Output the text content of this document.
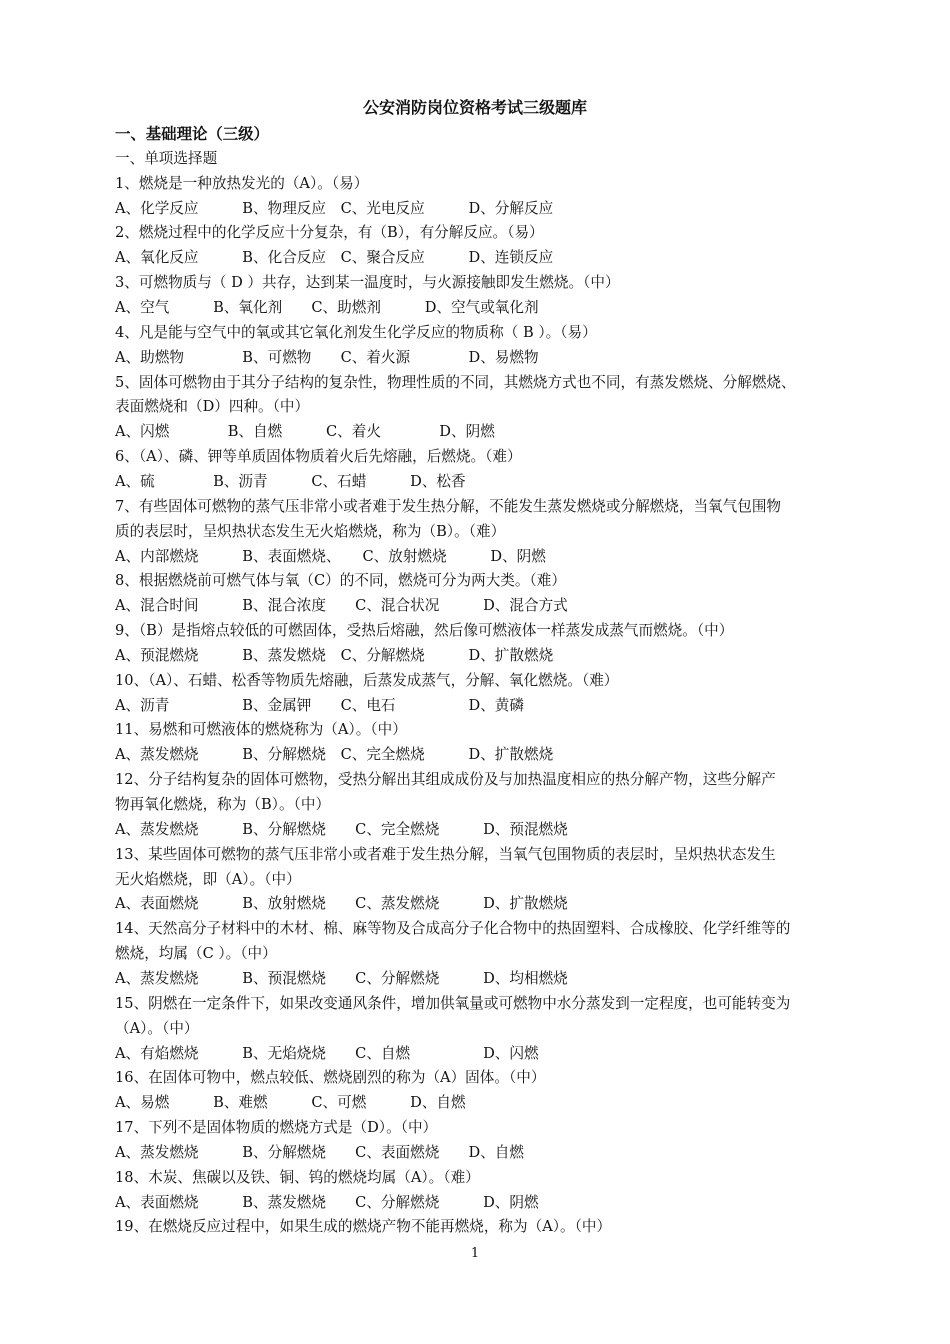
公安消防岗位资格考试三级题库
一、基础理论（三级）
一、单项选择题
1、燃烧是一种放热发光的（A）。（易）
A、化学反应　　　B、物理反应　C、光电反应　　　D、分解反应
2、燃烧过程中的化学反应十分复杂，有（B），有分解反应。（易）
A、氧化反应　　　B、化合反应　C、聚合反应　　　D、连锁反应
3、可燃物质与（ D ）共存，达到某一温度时，与火源接触即发生燃烧。（中）
A、空气　　　B、氧化剂　　C、助燃剂　　　D、空气或氧化剂
4、凡是能与空气中的氧或其它氧化剂发生化学反应的物质称（ B ）。（易）
A、助燃物　　　　B、可燃物　　C、着火源　　　　D、易燃物
5、固体可燃物由于其分子结构的复杂性，物理性质的不同，其燃烧方式也不同，有蒸发燃烧、分解燃烧、
表面燃烧和（D）四种。（中）
A、闪燃　　　　B、自燃　　　C、着火　　　　D、阴燃
6、（A）、磷、钾等单质固体物质着火后先熔融，后燃烧。（难）
A、硫　　　　B、沥青　　　C、石蜡　　　D、松香
7、有些固体可燃物的蒸气压非常小或者难于发生热分解，不能发生蒸发燃烧或分解燃烧，当氧气包围物
质的表层时，呈炽热状态发生无火焰燃烧，称为（B）。（难）
A、内部燃烧　　　B、表面燃烧、　　C、放射燃烧　　　D、阴燃
8、根据燃烧前可燃气体与氧（C）的不同，燃烧可分为两大类。（难）
A、混合时间　　　B、混合浓度　　C、混合状况　　　D、混合方式
9、（B）是指熔点较低的可燃固体，受热后熔融，然后像可燃液体一样蒸发成蒸气而燃烧。（中）
A、预混燃烧　　　B、蒸发燃烧　C、分解燃烧　　　D、扩散燃烧
10、（A）、石蜡、松香等物质先熔融，后蒸发成蒸气，分解、氧化燃烧。（难）
A、沥青　　　　　B、金属钾　　C、电石　　　　　D、黄磷
11、易燃和可燃液体的燃烧称为（A）。（中）
A、蒸发燃烧　　　B、分解燃烧　C、完全燃烧　　　D、扩散燃烧
12、分子结构复杂的固体可燃物，受热分解出其组成成份及与加热温度相应的热分解产物，这些分解产
物再氧化燃烧，称为（B）。（中）
A、蒸发燃烧　　　B、分解燃烧　　C、完全燃烧　　　D、预混燃烧
13、某些固体可燃物的蒸气压非常小或者难于发生热分解，当氧气包围物质的表层时，呈炽热状态发生
无火焰燃烧，即（A）。（中）
A、表面燃烧　　　B、放射燃烧　　C、蒸发燃烧　　　D、扩散燃烧
14、天然高分子材料中的木材、棉、麻等物及合成高分子化合物中的热固塑料、合成橡胶、化学纤维等的
燃烧，均属（C ）。（中）
A、蒸发燃烧　　　B、预混燃烧　　C、分解燃烧　　　D、均相燃烧
15、阴燃在一定条件下，如果改变通风条件，增加供氧量或可燃物中水分蒸发到一定程度，也可能转变为
（A）。（中）
A、有焰燃烧　　　B、无焰烧烧　　C、自燃　　　　　D、闪燃
16、在固体可物中，燃点较低、燃烧剧烈的称为（A）固体。（中）
A、易燃　　　B、难燃　　　C、可燃　　　D、自燃
17、下列不是固体物质的燃烧方式是（D）。（中）
A、蒸发燃烧　　　B、分解燃烧　　C、表面燃烧　　D、自燃
18、木炭、焦碳以及铁、铜、钨的燃烧均属（A）。（难）
A、表面燃烧　　　B、蒸发燃烧　　C、分解燃烧　　　D、阴燃
19、在燃烧反应过程中，如果生成的燃烧产物不能再燃烧，称为（A）。（中）
1
